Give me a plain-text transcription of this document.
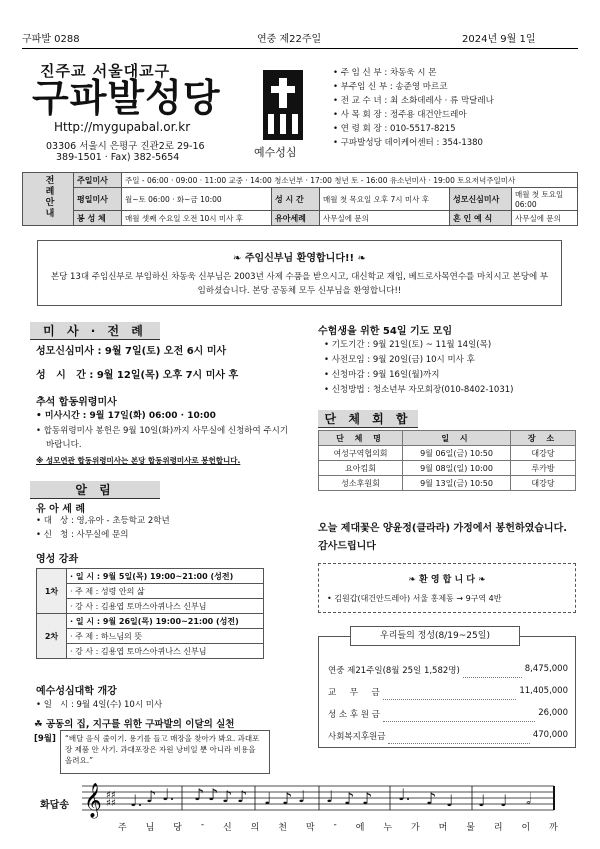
구파발 0288	연중 제22주일	2024년 9월 1일
진주교 서울대교구
구파발성당
Http://mygupabal.or.kr
03306 서울시 은평구 진관2로 29-16
389-1501 · Fax) 382-5654	예수성심
• 주 임 신 부 : 차동욱 시 몬
• 부주임 신 부 : 송준영 마르코
• 전 교 수 녀 : 최 소화데레사 · 류 막달레나
• 사 목 회 장 : 정주용 대건안드레아
• 연 령 회 장 : 010-5517-8215
• 구파발성당 데이케어센터 : 354-1380
전례안내	주일미사	주일 - 06:00 · 09:00 · 11:00 교중 · 14:00 청소년부 · 17:00 청년 토 - 16:00 유소년미사 · 19:00 토요저녁주일미사				
	평일미사	월~토 06:00 · 화~금 10:00	성 시 간	매월 첫 목요일 오후 7시 미사 후	성모신심미사	매월 첫 토요일 06:00
	봉 성 체	매월 셋째 수요일 오전 10시 미사 후	유아세례	사무실에 문의	혼 인 예 식	사무실에 문의
❧ 주임신부님 환영합니다!! ❧
본당 13대 주임신부로 부임하신 차동욱 신부님은 2003년 사제 수품을 받으시고, 대신학교 재임, 베드로사목연수를 마치시고 본당에 부임하셨습니다. 본당 공동체 모두 신부님을 환영합니다!!
미 사 · 전 례
성모신심미사 : 9월 7일(토) 오전 6시 미사
성   시   간 : 9월 12일(목) 오후 7시 미사 후
추석 합동위령미사
• 미사시간 : 9월 17일(화) 06:00 · 10:00
• 합동위령미사 봉헌은 9월 10일(화)까지 사무실에 신청하여 주시기 바랍니다.
※ 성모연관 합동위령미사는 본당 합동위령미사로 봉헌합니다.
알 림
유 아 세 례
• 대   상 : 영,유아 - 초등학교 2학년
• 신   청 : 사무실에 문의
영성 강좌
1차	· 일 시 : 9월 5일(목) 19:00~21:00 (성전)
	· 주 제 : 성령 안의 삶
	· 강 사 : 김용엽 토마스아퀴나스 신부님
2차	· 일 시 : 9월 26일(목) 19:00~21:00 (성전)
	· 주 제 : 하느님의 뜻
	· 강 사 : 김용엽 토마스아퀴나스 신부님
예수성심대학 개강
• 일   시 : 9월 4일(수) 10시 미사
☘ 공동의 집, 지구를 위한 구파발의 이달의 실천
[9월]	“배달 음식 줄이기. 용기를 들고 매장을 찾아가 봐요. 과대포장 제품 안 사기. 과대포장은 자원 낭비일 뿐 아니라 비용을 올려요.”
수험생을 위한 54일 기도 모임
• 기도기간 : 9월 21일(토) ~ 11월 14일(목)
• 사전모임 : 9월 20일(금) 10시 미사 후
• 신청마감 : 9월 16일(월)까지
• 신청방법 : 청소년부 자모회장(010-8402-1031)
단 체 회 합
단 체 명	일 시	장 소
여성구역협의회	9월 06일(금) 10:50	대강당
요아킴회	9월 08일(일) 10:00	루카방
성소후원회	9월 13일(금) 10:50	대강당
오늘 제대꽃은 양윤정(클라라) 가정에서 봉헌하였습니다. 감사드립니다
❧ 환 영 합 니 다 ❧
• 김원갑(대건안드레아) 서울 홍제동 → 9구역 4반
우리들의 정성(8/19~25일)
연중 제21주일(8월 25일 1,582명)	8,475,000
교     무     금	11,405,000
성 소 후 원 금	26,000
사회복지후원금	470,000
화답송 𝄞 ♯♯
♯♯ ♩. ♪ ♩. ♪ ♪ ♪ ♪ ♩ ♪ ♩ ♩ ♪ ♪ ♩. ♪ ♩ ♩ ♩ 𝅗𝅥
주 님 당 - 신 의 천 막 - 에 누 가 머 물 리 이 까
